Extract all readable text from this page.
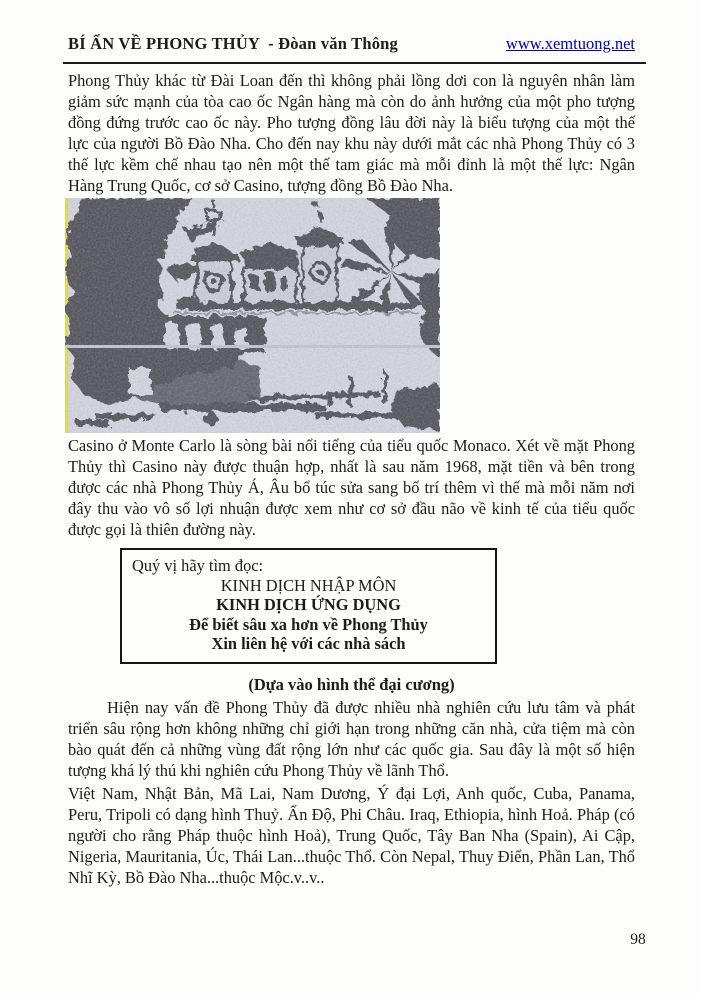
BÍ ẨN VỀ PHONG THỦY  - Đòan văn Thông	www.xemtuong.net

Phong Thủy khác từ Đài Loan đến thì không phải lồng dơi con là nguyên nhân làm giảm sức mạnh của tòa cao ốc Ngân hàng mà còn do ảnh hưởng của một pho tượng đồng đứng trước cao ốc này. Pho tượng đồng lâu đời này là biểu tượng của một thế lực của người Bồ Đào Nha. Cho đến nay khu này dưới mắt các nhà Phong Thủy có 3 thế lực kềm chế nhau tạo nên một thế tam giác mà mỗi đỉnh là một thế lực: Ngân Hàng Trung Quốc, cơ sở Casino, tượng đồng Bồ Đào Nha.

Casino ở Monte Carlo là sòng bài nổi tiếng của tiểu quốc Monaco. Xét về mặt Phong Thủy thì Casino này được thuận hợp, nhất là sau năm 1968, mặt tiền và bên trong được các nhà Phong Thủy Á, Âu bổ túc sửa sang bố trí thêm vì thế mà mỗi năm nơi đây thu vào vô số lợi nhuận được xem như cơ sở đầu não về kinh tế của tiểu quốc được gọi là thiên đường này.

Quý vị hãy tìm đọc:
KINH DỊCH NHẬP MÔN
KINH DỊCH ỨNG DỤNG
Để biết sâu xa hơn về Phong Thủy
Xin liên hệ với các nhà sách
(Dựa vào hình thể đại cương)

Hiện nay vấn đề Phong Thủy đã được nhiều nhà nghiên cứu lưu tâm và phát triển sâu rộng hơn không những chỉ giới hạn trong những căn nhà, cửa tiệm mà còn bào quát đến cả những vùng đất rộng lớn như các quốc gia. Sau đây là một số hiện tượng khá lý thú khi nghiên cứu Phong Thủy về lãnh Thổ.

Việt Nam, Nhật Bản, Mã Lai, Nam Dương, Ý đại Lợi, Anh quốc, Cuba, Panama, Peru, Tripoli có dạng hình Thuỷ. Ấn Độ, Phi Châu. Iraq, Ethiopia, hình Hoả. Pháp (có người cho rằng Pháp thuộc hình Hoả), Trung Quốc, Tây Ban Nha (Spain), Ai Cập, Nigeria, Mauritania, Úc, Thái Lan...thuộc Thổ. Còn Nepal, Thuy Điển, Phần Lan, Thổ Nhĩ Kỳ, Bồ Đào Nha...thuộc Mộc.v..v..

98
